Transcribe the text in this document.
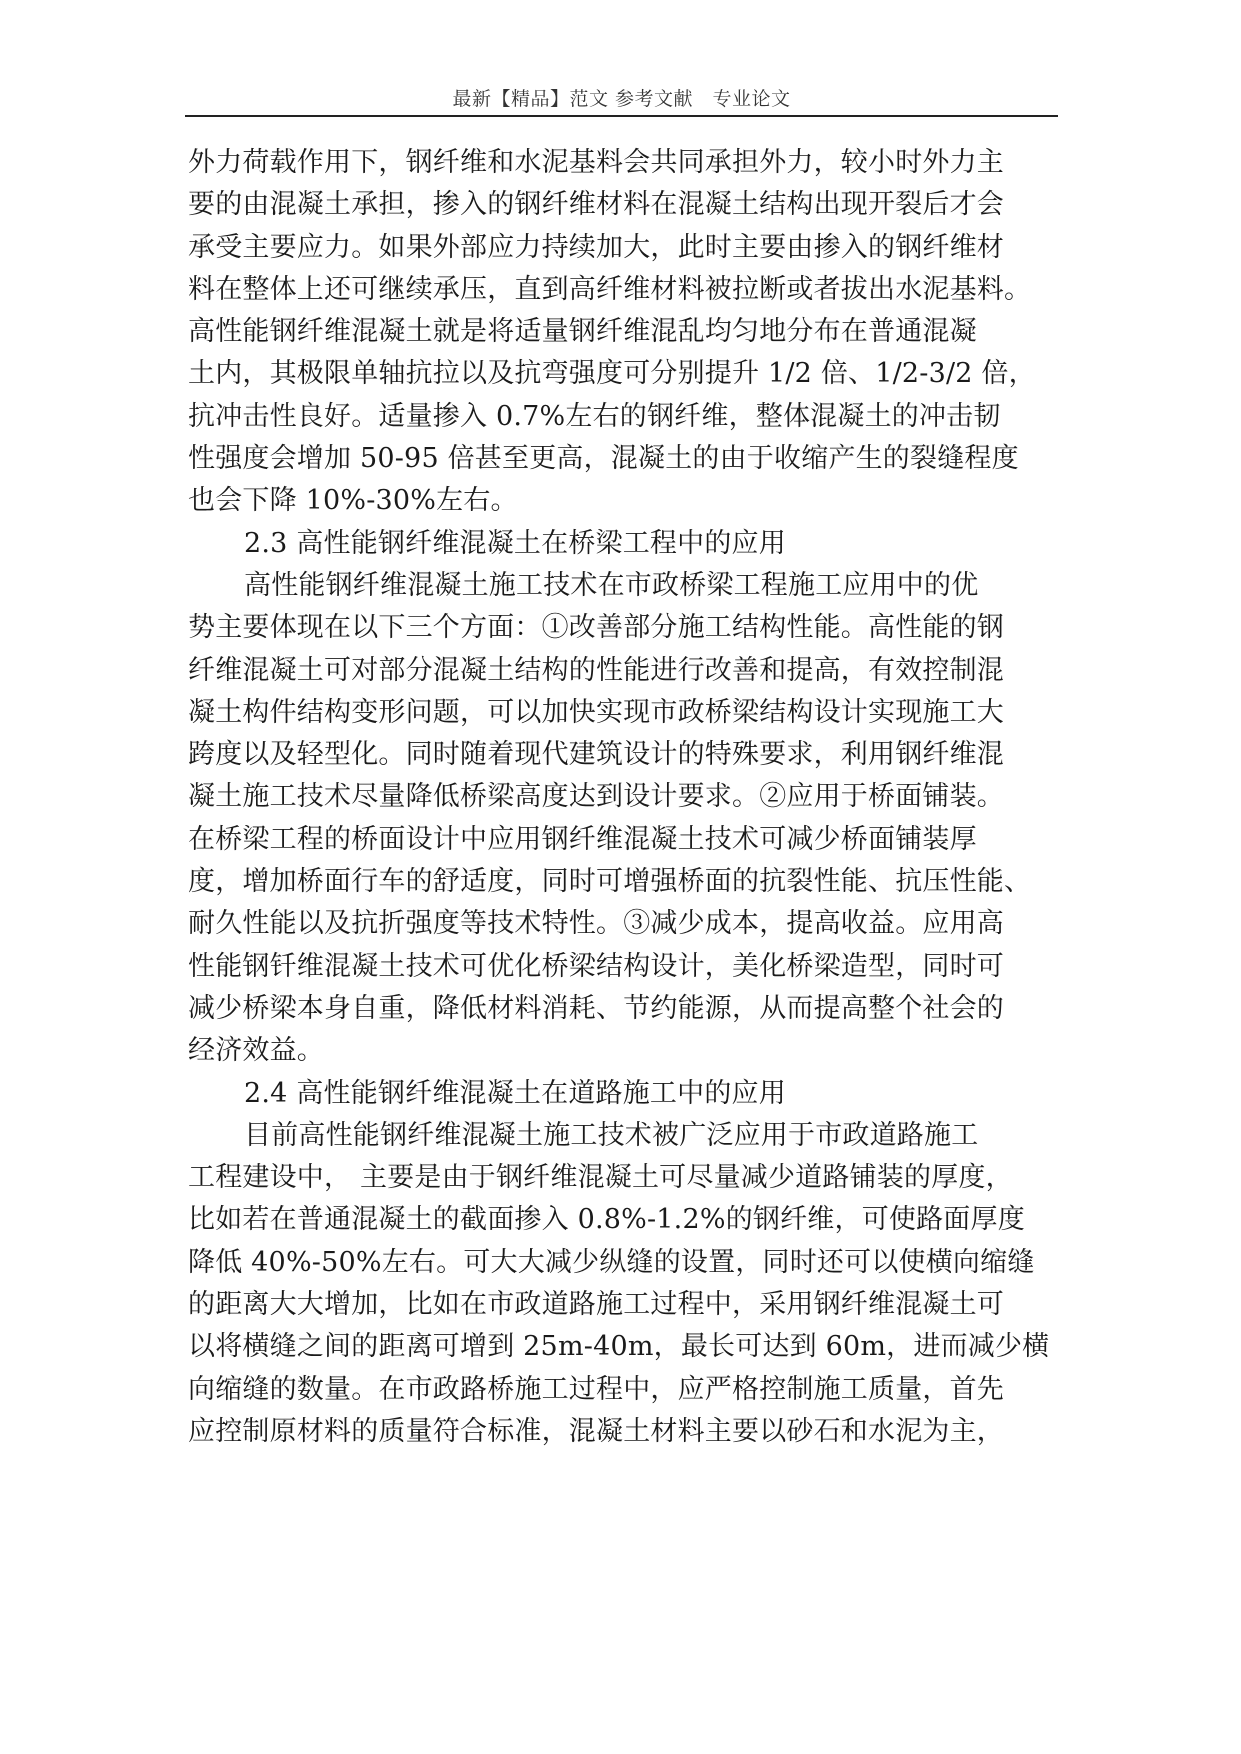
最新【精品】范文 参考文献　专业论文
外力荷载作用下，钢纤维和水泥基料会共同承担外力，较小时外力主
要的由混凝土承担，掺入的钢纤维材料在混凝土结构出现开裂后才会
承受主要应力。如果外部应力持续加大，此时主要由掺入的钢纤维材
料在整体上还可继续承压，直到高纤维材料被拉断或者拔出水泥基料。
高性能钢纤维混凝土就是将适量钢纤维混乱均匀地分布在普通混凝
土内，其极限单轴抗拉以及抗弯强度可分别提升 1/2 倍、1/2-3/2 倍，
抗冲击性良好。适量掺入 0.7%左右的钢纤维，整体混凝土的冲击韧
性强度会增加 50-95 倍甚至更高，混凝土的由于收缩产生的裂缝程度
也会下降 10%-30%左右。
2.3 高性能钢纤维混凝土在桥梁工程中的应用
高性能钢纤维混凝土施工技术在市政桥梁工程施工应用中的优
势主要体现在以下三个方面：①改善部分施工结构性能。高性能的钢
纤维混凝土可对部分混凝土结构的性能进行改善和提高，有效控制混
凝土构件结构变形问题，可以加快实现市政桥梁结构设计实现施工大
跨度以及轻型化。同时随着现代建筑设计的特殊要求，利用钢纤维混
凝土施工技术尽量降低桥梁高度达到设计要求。②应用于桥面铺装。
在桥梁工程的桥面设计中应用钢纤维混凝土技术可减少桥面铺装厚
度，增加桥面行车的舒适度，同时可增强桥面的抗裂性能、抗压性能、
耐久性能以及抗折强度等技术特性。③减少成本，提高收益。应用高
性能钢钎维混凝土技术可优化桥梁结构设计，美化桥梁造型，同时可
减少桥梁本身自重，降低材料消耗、节约能源，从而提高整个社会的
经济效益。
2.4 高性能钢纤维混凝土在道路施工中的应用
目前高性能钢纤维混凝土施工技术被广泛应用于市政道路施工
工程建设中， 主要是由于钢纤维混凝土可尽量减少道路铺装的厚度，
比如若在普通混凝土的截面掺入 0.8%-1.2%的钢纤维，可使路面厚度
降低 40%-50%左右。可大大减少纵缝的设置，同时还可以使横向缩缝
的距离大大增加，比如在市政道路施工过程中，采用钢纤维混凝土可
以将横缝之间的距离可增到 25m-40m，最长可达到 60m，进而减少横
向缩缝的数量。在市政路桥施工过程中，应严格控制施工质量，首先
应控制原材料的质量符合标准，混凝土材料主要以砂石和水泥为主，
